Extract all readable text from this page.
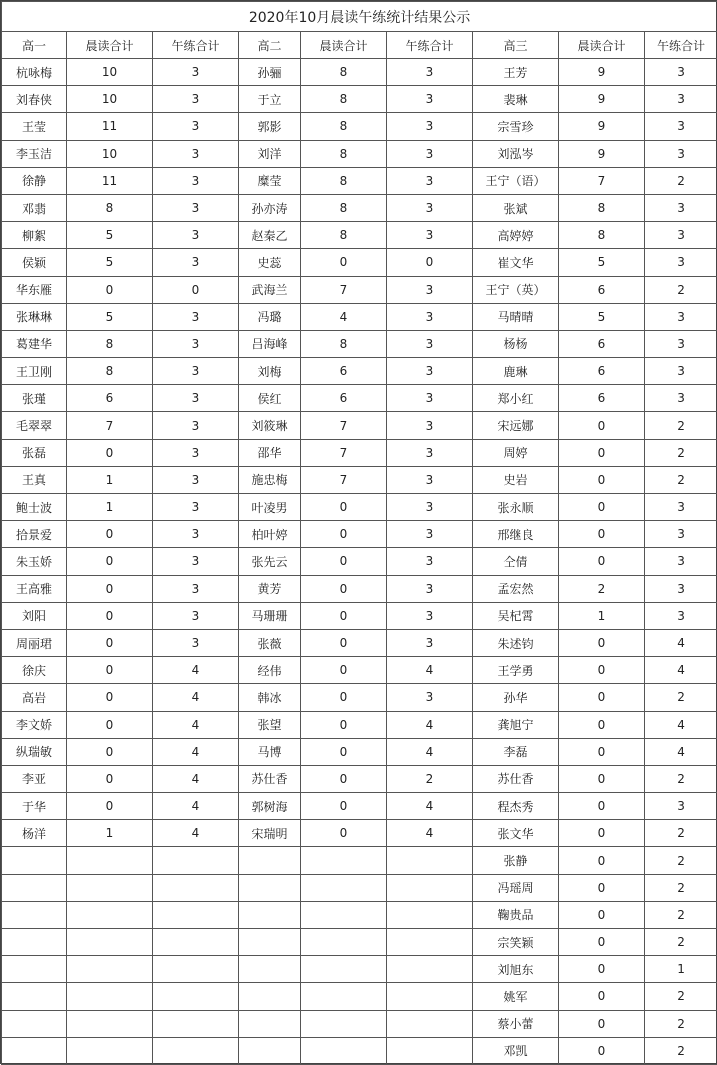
2020年10月晨读午练统计结果公示								
高一	晨读合计	午练合计	高二	晨读合计	午练合计	高三	晨读合计	午练合计
杭咏梅	10	3	孙骊	8	3	王芳	9	3
刘春侠	10	3	于立	8	3	裴琳	9	3
王莹	11	3	郭影	8	3	宗雪珍	9	3
李玉洁	10	3	刘洋	8	3	刘泓岑	9	3
徐静	11	3	糜莹	8	3	王宁（语）	7	2
邓翡	8	3	孙亦涛	8	3	张斌	8	3
柳絮	5	3	赵秦乙	8	3	高婷婷	8	3
侯颖	5	3	史蕊	0	0	崔文华	5	3
华东雁	0	0	武海兰	7	3	王宁（英）	6	2
张琳琳	5	3	冯璐	4	3	马晴晴	5	3
葛建华	8	3	吕海峰	8	3	杨杨	6	3
王卫刚	8	3	刘梅	6	3	鹿琳	6	3
张瑾	6	3	侯红	6	3	郑小红	6	3
毛翠翠	7	3	刘筱琳	7	3	宋远娜	0	2
张磊	0	3	邵华	7	3	周婷	0	2
王真	1	3	施忠梅	7	3	史岩	0	2
鲍士波	1	3	叶凌男	0	3	张永顺	0	3
拾景爱	0	3	柏叶婷	0	3	邢继良	0	3
朱玉娇	0	3	张先云	0	3	仝倩	0	3
王高雅	0	3	黄芳	0	3	孟宏然	2	3
刘阳	0	3	马珊珊	0	3	吴杞霄	1	3
周丽珺	0	3	张薇	0	3	朱述钧	0	4
徐庆	0	4	经伟	0	4	王学勇	0	4
高岩	0	4	韩冰	0	3	孙华	0	2
李文娇	0	4	张望	0	4	龚旭宁	0	4
纵瑞敏	0	4	马博	0	4	李磊	0	4
李亚	0	4	苏仕香	0	2	苏仕香	0	2
于华	0	4	郭树海	0	4	程杰秀	0	3
杨洋	1	4	宋瑞明	0	4	张文华	0	2
						张静	0	2
						冯瑶周	0	2
						鞠贵品	0	2
						宗笑颖	0	2
						刘旭东	0	1
						姚军	0	2
						蔡小蕾	0	2
						邓凯	0	2
